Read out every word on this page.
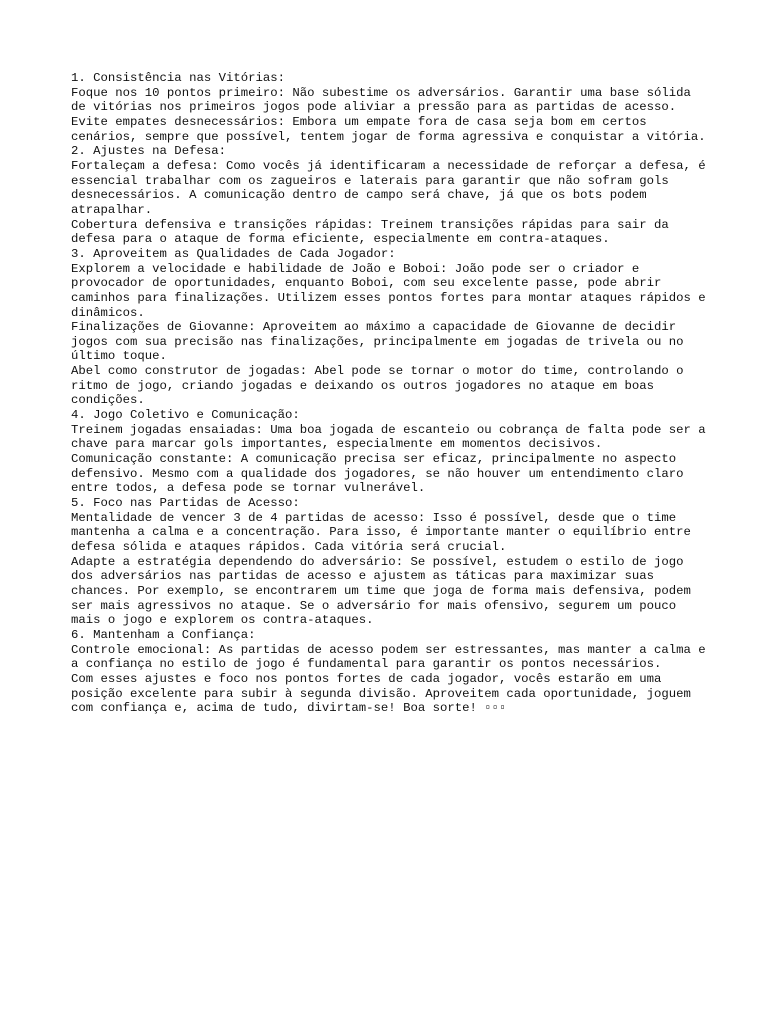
1. Consistência nas Vitórias:

Foque nos 10 pontos primeiro: Não subestime os adversários. Garantir uma base sólida de vitórias nos primeiros jogos pode aliviar a pressão para as partidas de acesso.

Evite empates desnecessários: Embora um empate fora de casa seja bom em certos cenários, sempre que possível, tentem jogar de forma agressiva e conquistar a vitória.

2. Ajustes na Defesa:

Fortaleçam a defesa: Como vocês já identificaram a necessidade de reforçar a defesa, é essencial trabalhar com os zagueiros e laterais para garantir que não sofram gols desnecessários. A comunicação dentro de campo será chave, já que os bots podem atrapalhar.

Cobertura defensiva e transições rápidas: Treinem transições rápidas para sair da defesa para o ataque de forma eficiente, especialmente em contra-ataques.

3. Aproveitem as Qualidades de Cada Jogador:

Explorem a velocidade e habilidade de João e Boboi: João pode ser o criador e provocador de oportunidades, enquanto Boboi, com seu excelente passe, pode abrir caminhos para finalizações. Utilizem esses pontos fortes para montar ataques rápidos e dinâmicos.

Finalizações de Giovanne: Aproveitem ao máximo a capacidade de Giovanne de decidir jogos com sua precisão nas finalizações, principalmente em jogadas de trivela ou no último toque.

Abel como construtor de jogadas: Abel pode se tornar o motor do time, controlando o ritmo de jogo, criando jogadas e deixando os outros jogadores no ataque em boas condições.

4. Jogo Coletivo e Comunicação:

Treinem jogadas ensaiadas: Uma boa jogada de escanteio ou cobrança de falta pode ser a chave para marcar gols importantes, especialmente em momentos decisivos.

Comunicação constante: A comunicação precisa ser eficaz, principalmente no aspecto defensivo. Mesmo com a qualidade dos jogadores, se não houver um entendimento claro entre todos, a defesa pode se tornar vulnerável.

5. Foco nas Partidas de Acesso:

Mentalidade de vencer 3 de 4 partidas de acesso: Isso é possível, desde que o time mantenha a calma e a concentração. Para isso, é importante manter o equilíbrio entre defesa sólida e ataques rápidos. Cada vitória será crucial.

Adapte a estratégia dependendo do adversário: Se possível, estudem o estilo de jogo dos adversários nas partidas de acesso e ajustem as táticas para maximizar suas chances. Por exemplo, se encontrarem um time que joga de forma mais defensiva, podem ser mais agressivos no ataque. Se o adversário for mais ofensivo, segurem um pouco mais o jogo e explorem os contra-ataques.

6. Mantenham a Confiança:

Controle emocional: As partidas de acesso podem ser estressantes, mas manter a calma e a confiança no estilo de jogo é fundamental para garantir os pontos necessários.

Com esses ajustes e foco nos pontos fortes de cada jogador, vocês estarão em uma posição excelente para subir à segunda divisão. Aproveitem cada oportunidade, joguem com confiança e, acima de tudo, divirtam-se! Boa sorte! ▫▫▫
